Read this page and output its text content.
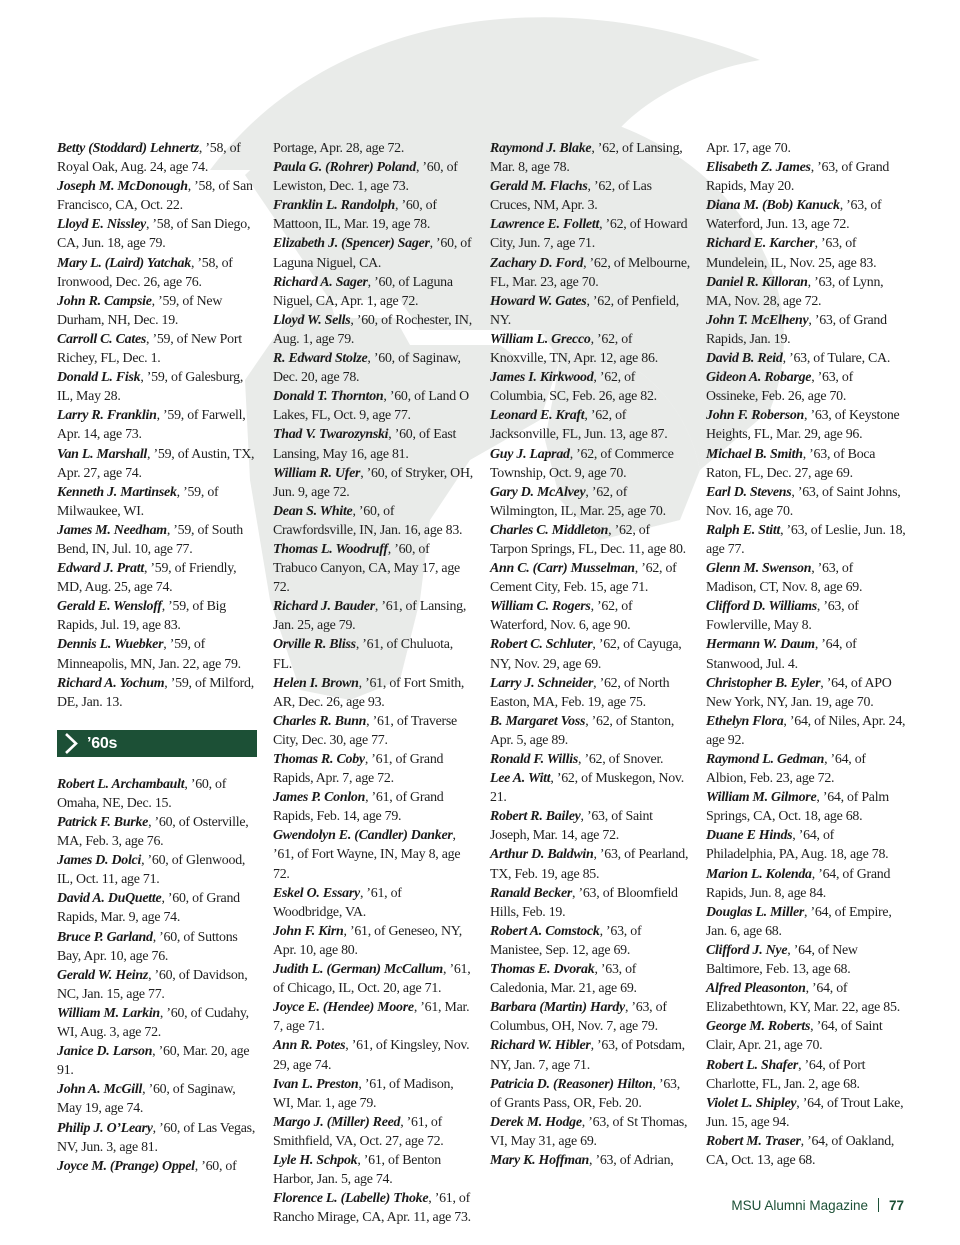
Betty (Stoddard) Lehnertz, ’58, of Royal Oak, Aug. 24, age 74.

Joseph M. McDonough, ’58, of San Francisco, CA, Oct. 22.

Lloyd E. Nissley, ’58, of San Diego, CA, Jun. 18, age 79.

Mary L. (Laird) Yatchak, ’58, of Ironwood, Dec. 26, age 76.

John R. Campsie, ’59, of New Durham, NH, Dec. 19.

Carroll C. Cates, ’59, of New Port Richey, FL, Dec. 1.

Donald L. Fisk, ’59, of Galesburg, IL, May 28.

Larry R. Franklin, ’59, of Farwell, Apr. 14, age 73.

Van L. Marshall, ’59, of Austin, TX, Apr. 27, age 74.

Kenneth J. Martinsek, ’59, of Milwaukee, WI.

James M. Needham, ’59, of South Bend, IN, Jul. 10, age 77.

Edward J. Pratt, ’59, of Friendly, MD, Aug. 25, age 74.

Gerald E. Wensloff, ’59, of Big Rapids, Jul. 19, age 83.

Dennis L. Wuebker, ’59, of Minneapolis, MN, Jan. 22, age 79.

Richard A. Yochum, ’59, of Milford, DE, Jan. 13.

’60s

Robert L. Archambault, ’60, of Omaha, NE, Dec. 15.

Patrick F. Burke, ’60, of Osterville, MA, Feb. 3, age 76.

James D. Dolci, ’60, of Glenwood, IL, Oct. 11, age 71.

David A. DuQuette, ’60, of Grand Rapids, Mar. 9, age 74.

Bruce P. Garland, ’60, of Suttons Bay, Apr. 10, age 76.

Gerald W. Heinz, ’60, of Davidson, NC, Jan. 15, age 77.

William M. Larkin, ’60, of Cudahy, WI, Aug. 3, age 72.

Janice D. Larson, ’60, Mar. 20, age 91.

John A. McGill, ’60, of Saginaw, May 19, age 74.

Philip J. O’Leary, ’60, of Las Vegas, NV, Jun. 3, age 81.

Joyce M. (Prange) Oppel, ’60, of

Portage, Apr. 28, age 72.

Paula G. (Rohrer) Poland, ’60, of Lewiston, Dec. 1, age 73.

Franklin L. Randolph, ’60, of Mattoon, IL, Mar. 19, age 78.

Elizabeth J. (Spencer) Sager, ’60, of Laguna Niguel, CA.

Richard A. Sager, ’60, of Laguna Niguel, CA, Apr. 1, age 72.

Lloyd W. Sells, ’60, of Rochester, IN, Aug. 1, age 79.

R. Edward Stolze, ’60, of Saginaw, Dec. 20, age 78.

Donald T. Thornton, ’60, of Land O Lakes, FL, Oct. 9, age 77.

Thad V. Twarozynski, ’60, of East Lansing, May 16, age 81.

William R. Ufer, ’60, of Stryker, OH, Jun. 9, age 72.

Dean S. White, ’60, of Crawfordsville, IN, Jan. 16, age 83.

Thomas L. Woodruff, ’60, of Trabuco Canyon, CA, May 17, age 72.

Richard J. Bauder, ’61, of Lansing, Jan. 25, age 79.

Orville R. Bliss, ’61, of Chuluota, FL.

Helen I. Brown, ’61, of Fort Smith, AR, Dec. 26, age 93.

Charles R. Bunn, ’61, of Traverse City, Dec. 30, age 77.

Thomas R. Coby, ’61, of Grand Rapids, Apr. 7, age 72.

James P. Conlon, ’61, of Grand Rapids, Feb. 14, age 79.

Gwendolyn E. (Candler) Danker, ’61, of Fort Wayne, IN, May 8, age 72.

Eskel O. Essary, ’61, of Woodbridge, VA.

John F. Kirn, ’61, of Geneseo, NY, Apr. 10, age 80.

Judith L. (German) McCallum, ’61, of Chicago, IL, Oct. 20, age 71.

Joyce E. (Hendee) Moore, ’61, Mar. 7, age 71.

Ann R. Potes, ’61, of Kingsley, Nov. 29, age 74.

Ivan L. Preston, ’61, of Madison, WI, Mar. 1, age 79.

Margo J. (Miller) Reed, ’61, of Smithfield, VA, Oct. 27, age 72.

Lyle H. Schpok, ’61, of Benton Harbor, Jan. 5, age 74.

Florence L. (Labelle) Thoke, ’61, of Rancho Mirage, CA, Apr. 11, age 73.

Raymond J. Blake, ’62, of Lansing, Mar. 8, age 78.

Gerald M. Flachs, ’62, of Las Cruces, NM, Apr. 3.

Lawrence E. Follett, ’62, of Howard City, Jun. 7, age 71.

Zachary D. Ford, ’62, of Melbourne, FL, Mar. 23, age 70.

Howard W. Gates, ’62, of Penfield, NY.

William L. Grecco, ’62, of Knoxville, TN, Apr. 12, age 86.

James I. Kirkwood, ’62, of Columbia, SC, Feb. 26, age 82.

Leonard E. Kraft, ’62, of Jacksonville, FL, Jun. 13, age 87.

Guy J. Laprad, ’62, of Commerce Township, Oct. 9, age 70.

Gary D. McAlvey, ’62, of Wilmington, IL, Mar. 25, age 70.

Charles C. Middleton, ’62, of Tarpon Springs, FL, Dec. 11, age 80.

Ann C. (Carr) Musselman, ’62, of Cement City, Feb. 15, age 71.

William C. Rogers, ’62, of Waterford, Nov. 6, age 90.

Robert C. Schluter, ’62, of Cayuga, NY, Nov. 29, age 69.

Larry J. Schneider, ’62, of North Easton, MA, Feb. 19, age 75.

B. Margaret Voss, ’62, of Stanton, Apr. 5, age 89.

Ronald F. Willis, ’62, of Snover.

Lee A. Witt, ’62, of Muskegon, Nov. 21.

Robert R. Bailey, ’63, of Saint Joseph, Mar. 14, age 72.

Arthur D. Baldwin, ’63, of Pearland, TX, Feb. 19, age 85.

Ranald Becker, ’63, of Bloomfield Hills, Feb. 19.

Robert A. Comstock, ’63, of Manistee, Sep. 12, age 69.

Thomas E. Dvorak, ’63, of Caledonia, Mar. 21, age 69.

Barbara (Martin) Hardy, ’63, of Columbus, OH, Nov. 7, age 79.

Richard W. Hibler, ’63, of Potsdam, NY, Jan. 7, age 71.

Patricia D. (Reasoner) Hilton, ’63, of Grants Pass, OR, Feb. 20.

Derek M. Hodge, ’63, of St Thomas, VI, May 31, age 69.

Mary K. Hoffman, ’63, of Adrian,

Apr. 17, age 70.

Elisabeth Z. James, ’63, of Grand Rapids, May 20.

Diana M. (Bob) Kanuck, ’63, of Waterford, Jun. 13, age 72.

Richard E. Karcher, ’63, of Mundelein, IL, Nov. 25, age 83.

Daniel R. Killoran, ’63, of Lynn, MA, Nov. 28, age 72.

John T. McElheny, ’63, of Grand Rapids, Jan. 19.

David B. Reid, ’63, of Tulare, CA.

Gideon A. Robarge, ’63, of Ossineke, Feb. 26, age 70.

John F. Roberson, ’63, of Keystone Heights, FL, Mar. 29, age 96.

Michael B. Smith, ’63, of Boca Raton, FL, Dec. 27, age 69.

Earl D. Stevens, ’63, of Saint Johns, Nov. 16, age 70.

Ralph E. Stitt, ’63, of Leslie, Jun. 18, age 77.

Glenn M. Swenson, ’63, of Madison, CT, Nov. 8, age 69.

Clifford D. Williams, ’63, of Fowlerville, May 8.

Hermann W. Daum, ’64, of Stanwood, Jul. 4.

Christopher B. Eyler, ’64, of APO New York, NY, Jan. 19, age 70.

Ethelyn Flora, ’64, of Niles, Apr. 24, age 92.

Raymond L. Gedman, ’64, of Albion, Feb. 23, age 72.

William M. Gilmore, ’64, of Palm Springs, CA, Oct. 18, age 68.

Duane E Hinds, ’64, of Philadelphia, PA, Aug. 18, age 78.

Marion L. Kolenda, ’64, of Grand Rapids, Jun. 8, age 84.

Douglas L. Miller, ’64, of Empire, Jan. 6, age 68.

Clifford J. Nye, ’64, of New Baltimore, Feb. 13, age 68.

Alfred Pleasonton, ’64, of Elizabethtown, KY, Mar. 22, age 85.

George M. Roberts, ’64, of Saint Clair, Apr. 21, age 70.

Robert L. Shafer, ’64, of Port Charlotte, FL, Jan. 2, age 68.

Violet L. Shipley, ’64, of Trout Lake, Jun. 15, age 94.

Robert M. Traser, ’64, of Oakland, CA, Oct. 13, age 68.

MSU Alumni Magazine 77
